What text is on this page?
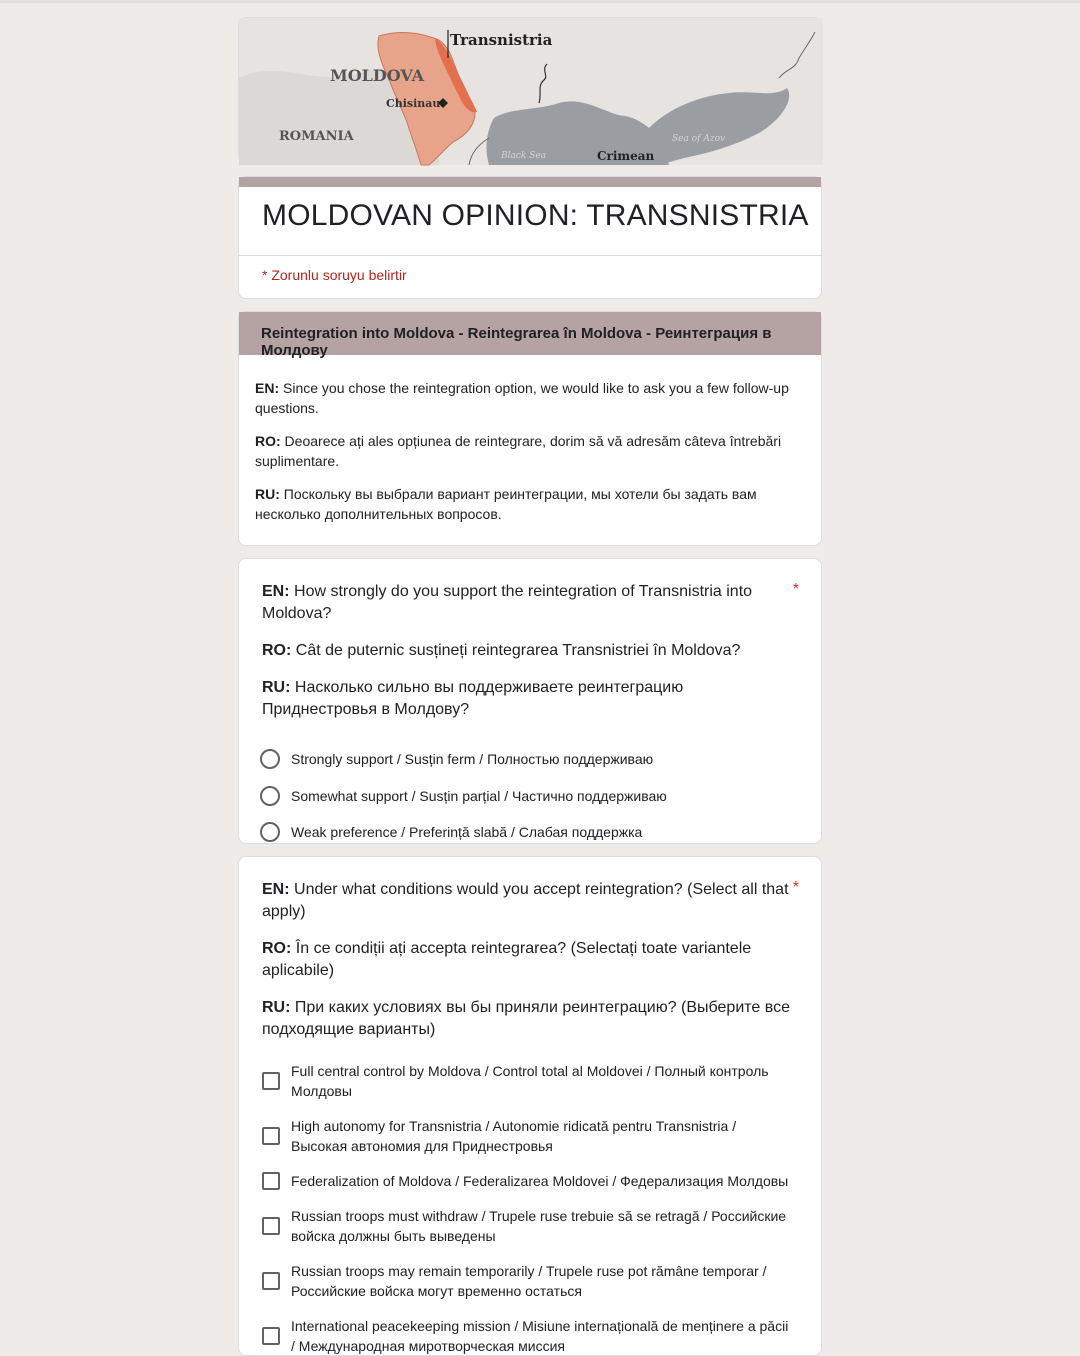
Transnistria
MOLDOVA
Chisinau
ROMANIA
Black Sea	Crimean
Sea of Azov
MOLDOVAN OPINION: TRANSNISTRIA
* Zorunlu soruyu belirtir
Reintegration into Moldova - Reintegrarea în Moldova - Реинтеграция в Молдову

EN: Since you chose the reintegration option, we would like to ask you a few follow-up questions.

RO: Deoarece ați ales opțiunea de reintegrare, dorim să vă adresăm câteva întrebări suplimentare.

RU: Поскольку вы выбрали вариант реинтеграции, мы хотели бы задать вам несколько дополнительных вопросов.

*
EN: How strongly do you support the reintegration of Transnistria into Moldova?
RO: Cât de puternic susțineți reintegrarea Transnistriei în Moldova?
RU: Насколько сильно вы поддерживаете реинтеграцию Приднестровья в Молдову?
Strongly support / Susțin ferm / Полностью поддерживаю
Somewhat support / Susțin parțial / Частично поддерживаю
Weak preference / Preferință slabă / Слабая поддержка
*
EN: Under what conditions would you accept reintegration? (Select all that apply)
RO: În ce condiții ați accepta reintegrarea? (Selectați toate variantele aplicabile)
RU: При каких условиях вы бы приняли реинтеграцию? (Выберите все подходящие варианты)
Full central control by Moldova / Control total al Moldovei / Полный контроль Молдовы
High autonomy for Transnistria / Autonomie ridicată pentru Transnistria / Высокая автономия для Приднестровья
Federalization of Moldova / Federalizarea Moldovei / Федерализация Молдовы
Russian troops must withdraw / Trupele ruse trebuie să se retragă / Российские войска должны быть выведены
Russian troops may remain temporarily / Trupele ruse pot rămâne temporar / Российские войска могут временно остаться
International peacekeeping mission / Misiune internațională de menținere a păcii / Международная миротворческая миссия
